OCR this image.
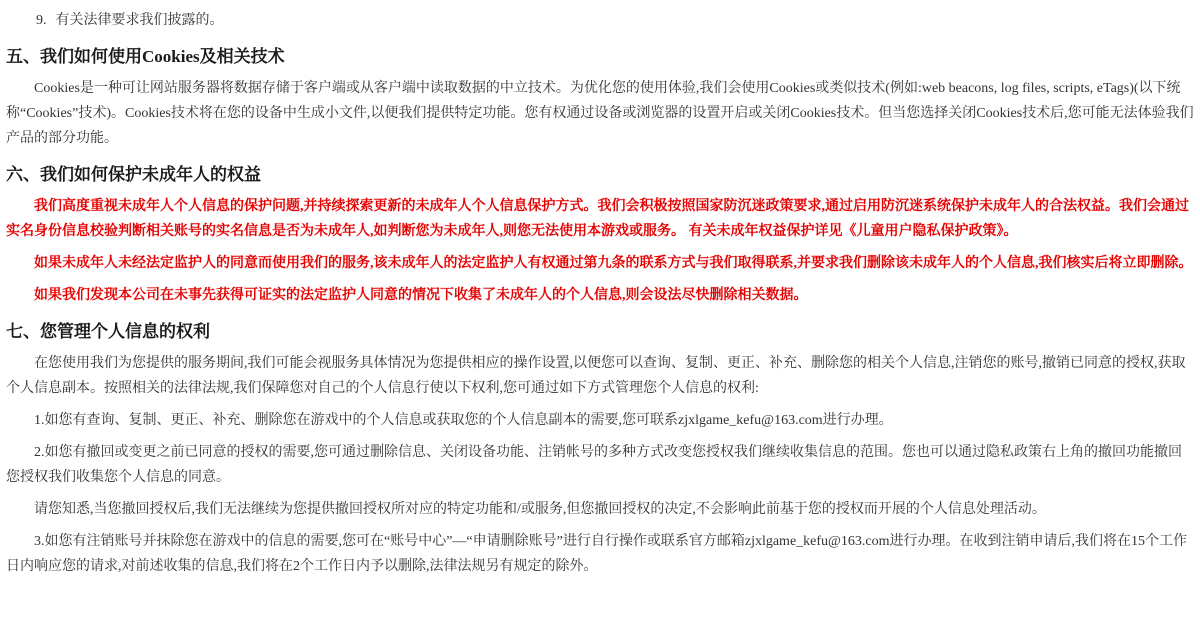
9. 有关法律要求我们披露的。
五、我们如何使用Cookies及相关技术

Cookies是一种可让网站服务器将数据存储于客户端或从客户端中读取数据的中立技术。为优化您的使用体验,我们会使用Cookies或类似技术(例如:web beacons, log files, scripts, eTags)(以下统称“Cookies”技术)。Cookies技术将在您的设备中生成小文件,以便我们提供特定功能。您有权通过设备或浏览器的设置开启或关闭Cookies技术。但当您选择关闭Cookies技术后,您可能无法体验我们产品的部分功能。

六、我们如何保护未成年人的权益

我们高度重视未成年人个人信息的保护问题,并持续探索更新的未成年人个人信息保护方式。我们会积极按照国家防沉迷政策要求,通过启用防沉迷系统保护未成年人的合法权益。我们会通过实名身份信息校验判断相关账号的实名信息是否为未成年人,如判断您为未成年人,则您无法使用本游戏或服务。 有关未成年权益保护详见《儿童用户隐私保护政策》。

如果未成年人未经法定监护人的同意而使用我们的服务,该未成年人的法定监护人有权通过第九条的联系方式与我们取得联系,并要求我们删除该未成年人的个人信息,我们核实后将立即删除。

如果我们发现本公司在未事先获得可证实的法定监护人同意的情况下收集了未成年人的个人信息,则会设法尽快删除相关数据。

七、您管理个人信息的权利

在您使用我们为您提供的服务期间,我们可能会视服务具体情况为您提供相应的操作设置,以便您可以查询、复制、更正、补充、删除您的相关个人信息,注销您的账号,撤销已同意的授权,获取个人信息副本。按照相关的法律法规,我们保障您对自己的个人信息行使以下权利,您可通过如下方式管理您个人信息的权利:

1.如您有查询、复制、更正、补充、删除您在游戏中的个人信息或获取您的个人信息副本的需要,您可联系zjxlgame_kefu@163.com进行办理。

2.如您有撤回或变更之前已同意的授权的需要,您可通过删除信息、关闭设备功能、注销帐号的多种方式改变您授权我们继续收集信息的范围。您也可以通过隐私政策右上角的撤回功能撤回您授权我们收集您个人信息的同意。

请您知悉,当您撤回授权后,我们无法继续为您提供撤回授权所对应的特定功能和/或服务,但您撤回授权的决定,不会影响此前基于您的授权而开展的个人信息处理活动。

3.如您有注销账号并抹除您在游戏中的信息的需要,您可在“账号中心”—“申请删除账号”进行自行操作或联系官方邮箱zjxlgame_kefu@163.com进行办理。在收到注销申请后,我们将在15个工作日内响应您的请求,对前述收集的信息,我们将在2个工作日内予以删除,法律法规另有规定的除外。
